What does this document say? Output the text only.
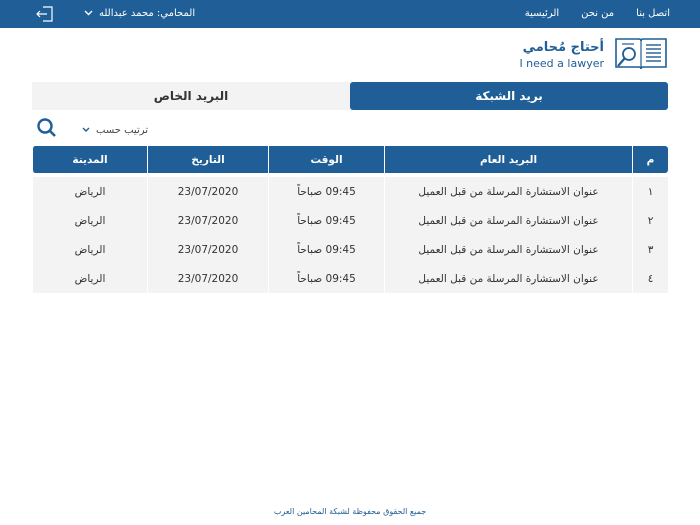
الرئيسية من نحن اتصل بنا
المحامي: محمد عبدالله
أحتاج مُحامي
I need a lawyer
البريد الخاص	بريد الشبكة
ترتيب حسب
م
البريد العام
الوقت
التاريخ
المدينة
١
عنوان الاستشارة المرسلة من قبل العميل
09:45 صباحاً
23/07/2020
الرياض
٢
عنوان الاستشارة المرسلة من قبل العميل
09:45 صباحاً
23/07/2020
الرياض
٣
عنوان الاستشارة المرسلة من قبل العميل
09:45 صباحاً
23/07/2020
الرياض
٤
عنوان الاستشارة المرسلة من قبل العميل
09:45 صباحاً
23/07/2020
الرياض
جميع الحقوق محفوظة لشبكة المحامين العرب
